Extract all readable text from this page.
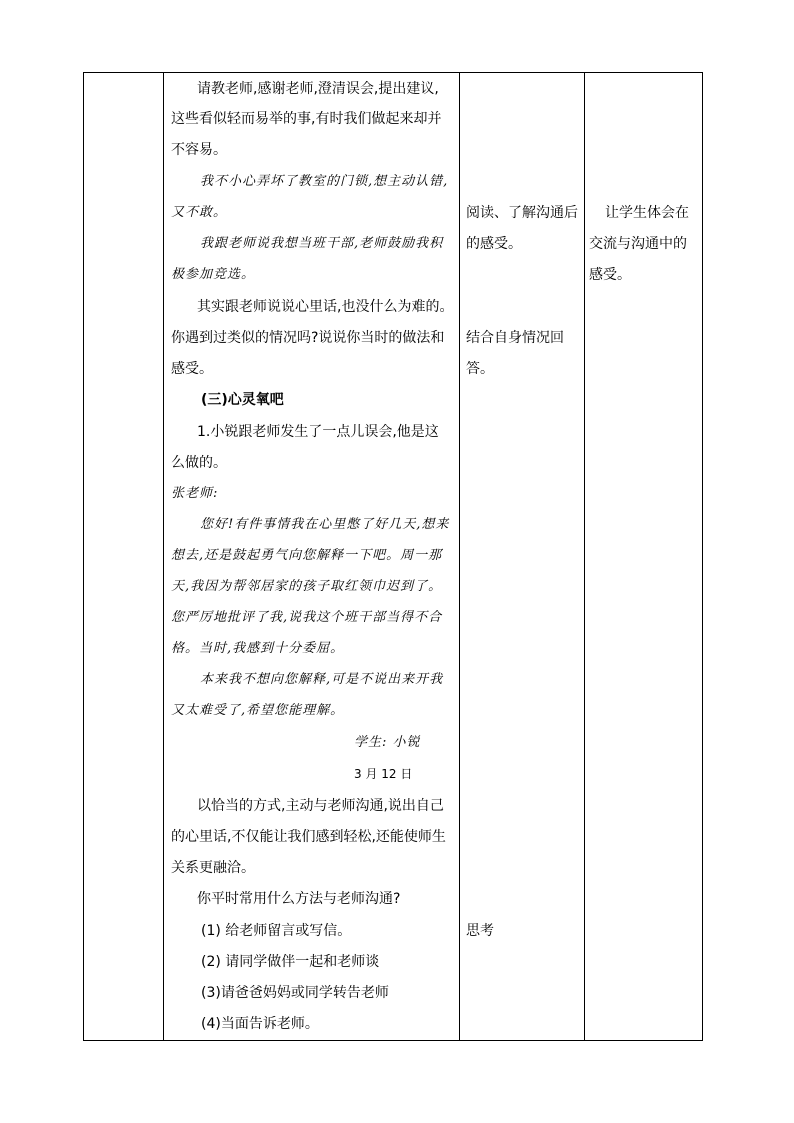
请教老师,感谢老师,澄清误会,提出建议,
这些看似轻而易举的事,有时我们做起来却并
不容易。
我不小心弄坏了教室的门锁,想主动认错,
又不敢。
我跟老师说我想当班干部,老师鼓励我积
极参加竞选。
其实跟老师说说心里话,也没什么为难的。
你遇到过类似的情况吗?说说你当时的做法和
感受。
(三)心灵氧吧
1.小锐跟老师发生了一点儿误会,他是这
么做的。
张老师:
您好!有件事情我在心里憋了好几天,想来
想去,还是鼓起勇气向您解释一下吧。周一那
天,我因为帮邻居家的孩子取红领巾迟到了。
您严厉地批评了我,说我这个班干部当得不合
格。当时,我感到十分委屈。
本来我不想向您解释,可是不说出来开我
又太难受了,希望您能理解。
学生: 小锐
3 月 12 日
以恰当的方式,主动与老师沟通,说出自己
的心里话,不仅能让我们感到轻松,还能使师生
关系更融洽。
你平时常用什么方法与老师沟通?
(1) 给老师留言或写信。
(2) 请同学做伴一起和老师谈
(3)请爸爸妈妈或同学转告老师
(4)当面告诉老师。
阅读、了解沟通后
的感受。
结合自身情况回
答。
思考
让学生体会在
交流与沟通中的
感受。
